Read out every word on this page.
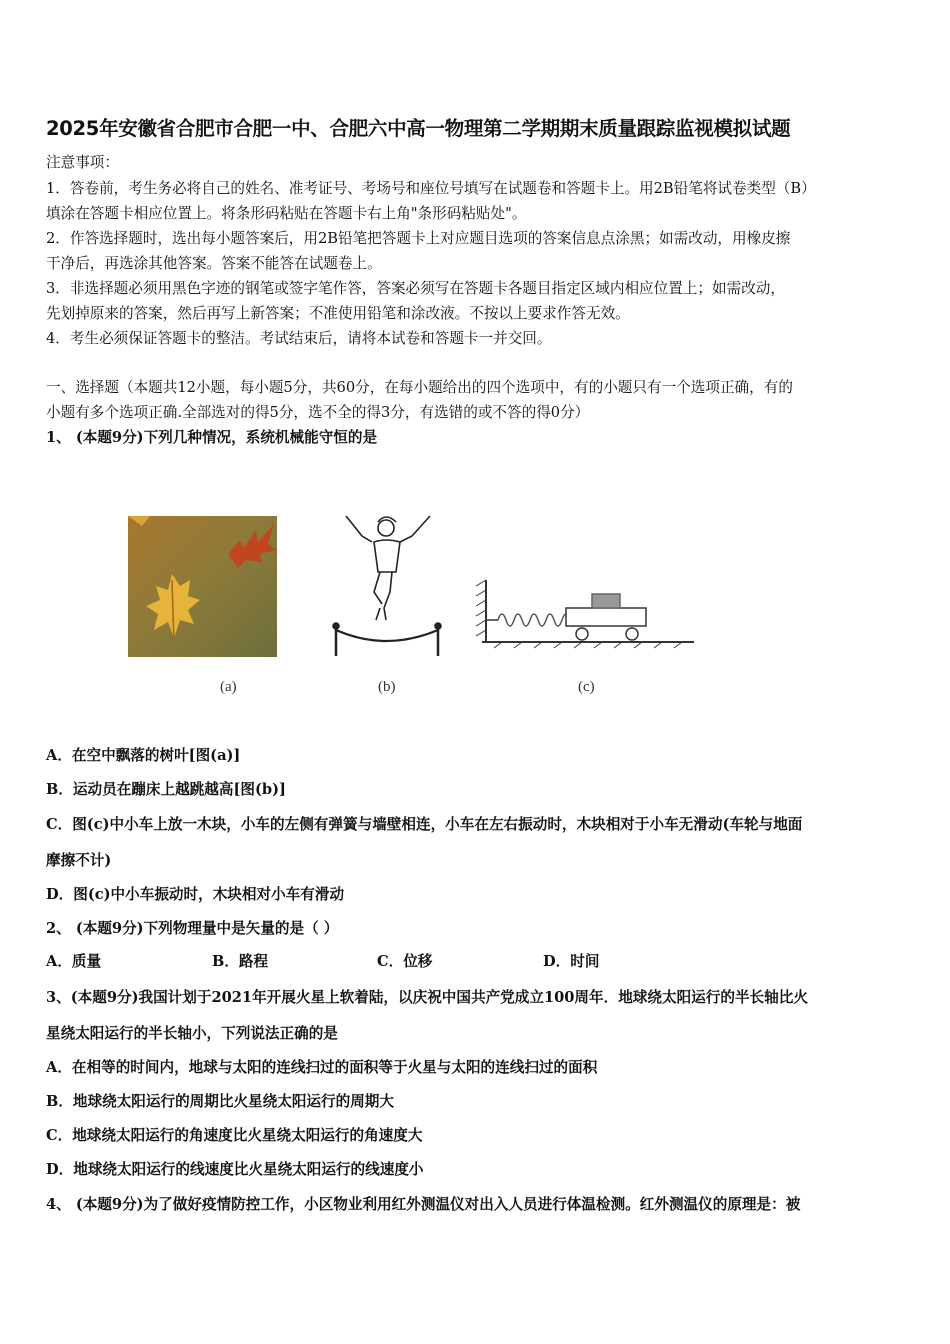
2025年安徽省合肥市合肥一中、合肥六中高一物理第二学期期末质量跟踪监视模拟试题
注意事项：
1．答卷前，考生务必将自己的姓名、准考证号、考场号和座位号填写在试题卷和答题卡上。用2B铅笔将试卷类型（B）
填涂在答题卡相应位置上。将条形码粘贴在答题卡右上角"条形码粘贴处"。
2．作答选择题时，选出每小题答案后，用2B铅笔把答题卡上对应题目选项的答案信息点涂黑；如需改动，用橡皮擦
干净后，再选涂其他答案。答案不能答在试题卷上。
3．非选择题必须用黑色字迹的钢笔或签字笔作答，答案必须写在答题卡各题目指定区域内相应位置上；如需改动，
先划掉原来的答案，然后再写上新答案；不准使用铅笔和涂改液。不按以上要求作答无效。
4．考生必须保证答题卡的整洁。考试结束后，请将本试卷和答题卡一并交回。
一、选择题（本题共12小题，每小题5分，共60分，在每小题给出的四个选项中，有的小题只有一个选项正确，有的
小题有多个选项正确.全部选对的得5分，选不全的得3分，有选错的或不答的得0分）
1、 (本题9分)下列几种情况，系统机械能守恒的是
(a)	(b)	(c)
A．在空中飘落的树叶[图(a)]
B．运动员在蹦床上越跳越高[图(b)]
C．图(c)中小车上放一木块，小车的左侧有弹簧与墙壁相连，小车在左右振动时，木块相对于小车无滑动(车轮与地面
摩擦不计)
D．图(c)中小车振动时，木块相对小车有滑动
2、 (本题9分)下列物理量中是矢量的是（ ）
A．质量	B．路程	C．位移	D．时间
3、(本题9分)我国计划于2021年开展火星上软着陆，以庆祝中国共产党成立100周年．地球绕太阳运行的半长轴比火
星绕太阳运行的半长轴小，下列说法正确的是
A．在相等的时间内，地球与太阳的连线扫过的面积等于火星与太阳的连线扫过的面积
B．地球绕太阳运行的周期比火星绕太阳运行的周期大
C．地球绕太阳运行的角速度比火星绕太阳运行的角速度大
D．地球绕太阳运行的线速度比火星绕太阳运行的线速度小
4、 (本题9分)为了做好疫情防控工作，小区物业利用红外测温仪对出入人员进行体温检测。红外测温仪的原理是：被
